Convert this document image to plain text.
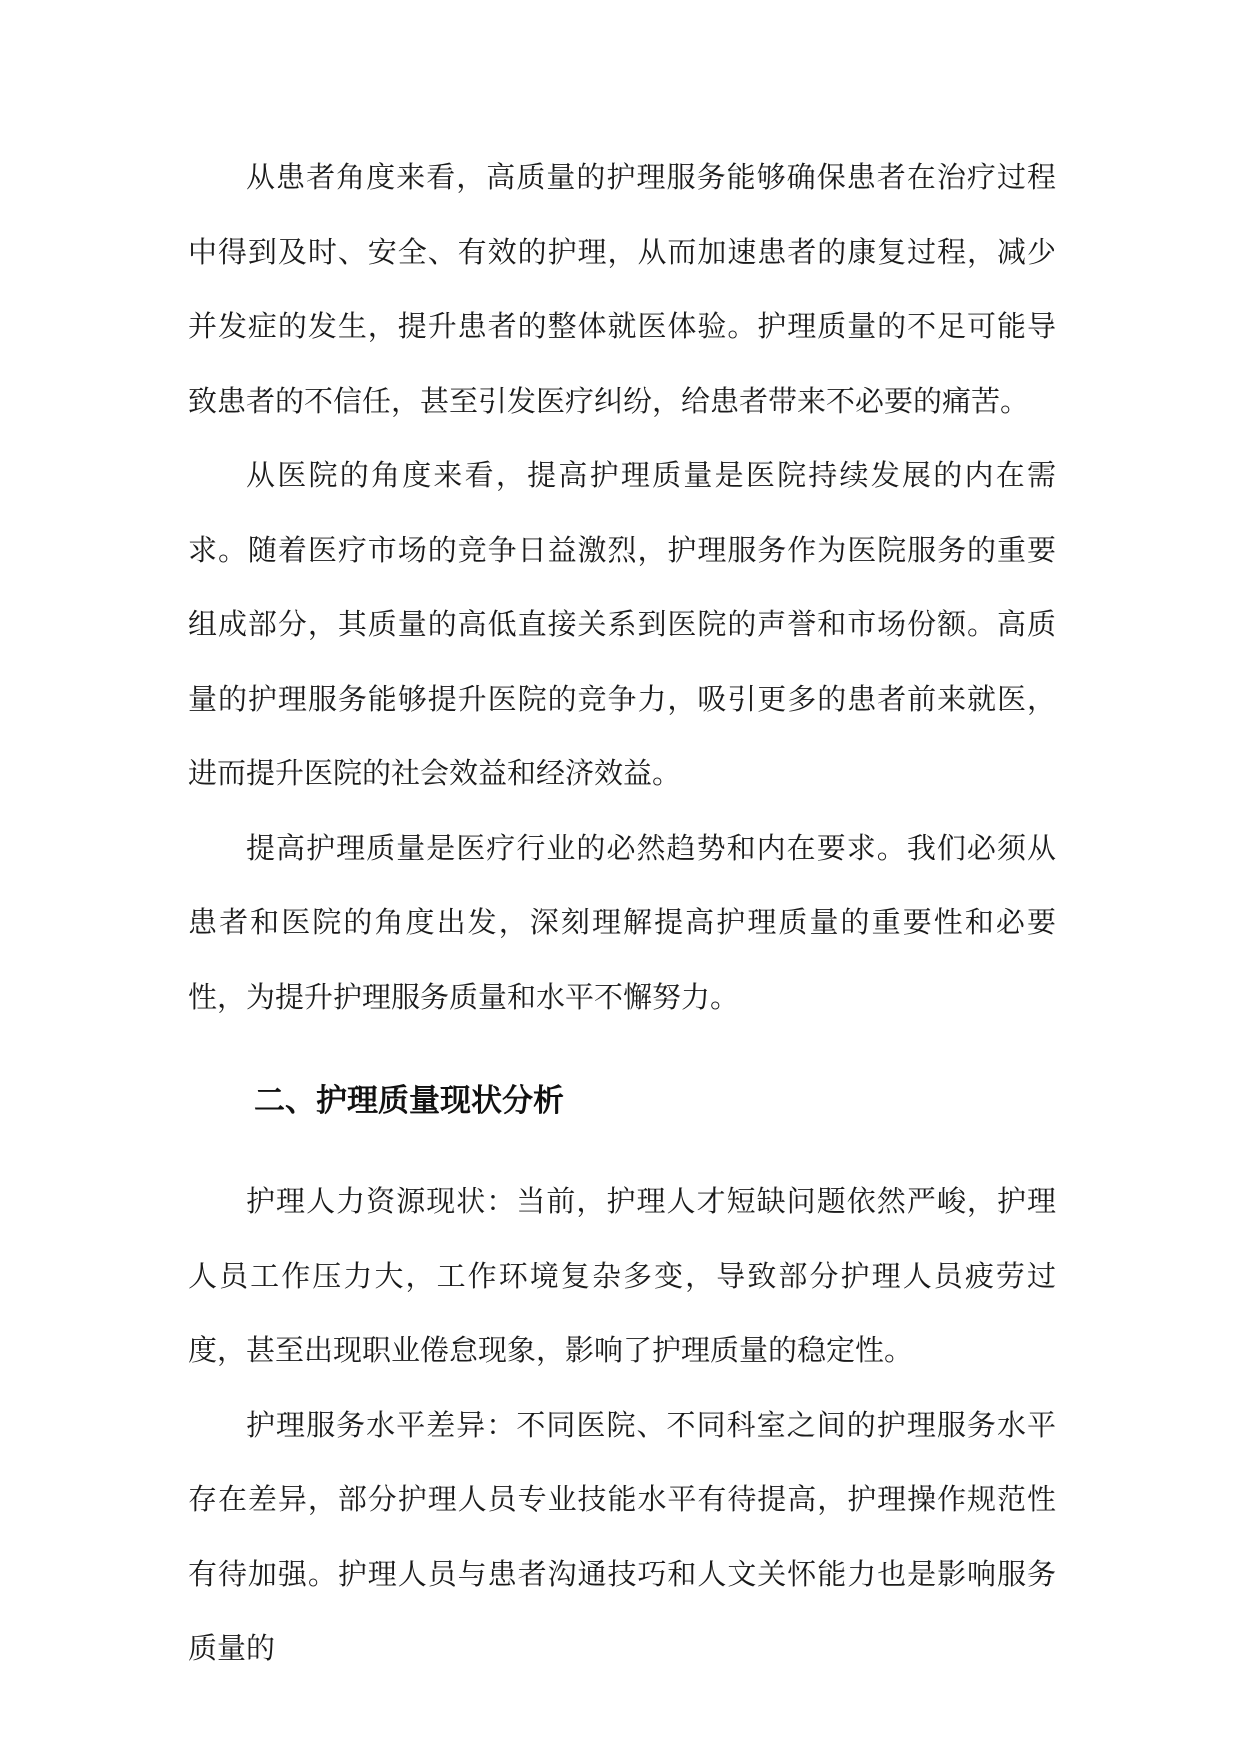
从患者角度来看，高质量的护理服务能够确保患者在治疗过程中得到及时、安全、有效的护理，从而加速患者的康复过程，减少并发症的发生，提升患者的整体就医体验。护理质量的不足可能导致患者的不信任，甚至引发医疗纠纷，给患者带来不必要的痛苦。

从医院的角度来看，提高护理质量是医院持续发展的内在需求。随着医疗市场的竞争日益激烈，护理服务作为医院服务的重要组成部分，其质量的高低直接关系到医院的声誉和市场份额。高质量的护理服务能够提升医院的竞争力，吸引更多的患者前来就医，进而提升医院的社会效益和经济效益。

提高护理质量是医疗行业的必然趋势和内在要求。我们必须从患者和医院的角度出发，深刻理解提高护理质量的重要性和必要性，为提升护理服务质量和水平不懈努力。

二、护理质量现状分析

护理人力资源现状：当前，护理人才短缺问题依然严峻，护理人员工作压力大，工作环境复杂多变，导致部分护理人员疲劳过度，甚至出现职业倦怠现象，影响了护理质量的稳定性。

护理服务水平差异：不同医院、不同科室之间的护理服务水平存在差异，部分护理人员专业技能水平有待提高，护理操作规范性有待加强。护理人员与患者沟通技巧和人文关怀能力也是影响服务质量的
